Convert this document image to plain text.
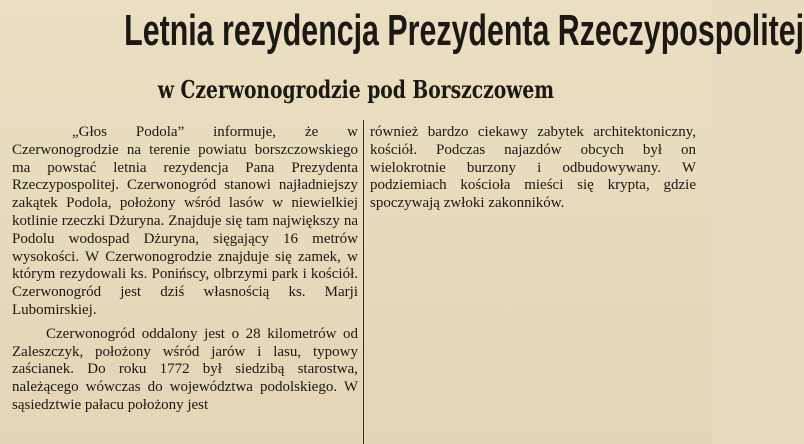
Letnia rezydencja Prezydenta Rzeczypospolitej
w Czerwonogrodzie pod Borszczowem

„Głos Podola” informuje, że w Czerwonogrodzie na terenie powiatu borszczowskiego ma powstać letnia rezydencja Pana Prezydenta Rzeczypospolitej. Czerwonogród stanowi najładniejszy zakątek Podola, położony wśród lasów w niewielkiej kotlinie rzeczki Dżuryna. Znajduje się tam największy na Podolu wodospad Dżuryna, sięgający 16 metrów wysokości. W Czerwonogrodzie znajduje się zamek, w którym rezydowali ks. Ponińscy, olbrzymi park i kościół. Czerwonogród jest dziś własnością ks. Marji Lubomirskiej.

Czerwonogród oddalony jest o 28 kilometrów od Zaleszczyk, położony wśród jarów i lasu, typowy zaścianek. Do roku 1772 był siedzibą starostwa, należącego wówczas do województwa podolskiego. W sąsiedztwie pałacu położony jest

również bardzo ciekawy zabytek architektoniczny, kościół. Podczas najazdów obcych był on wielokrotnie burzony i odbudowywany. W podziemiach kościoła mieści się krypta, gdzie spoczywają zwłoki zakonników.
